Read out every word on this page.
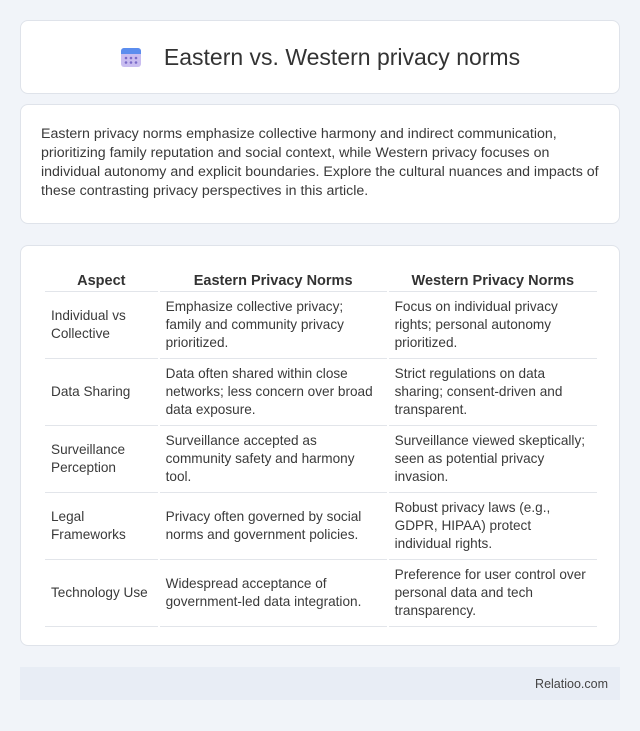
Eastern vs. Western privacy norms

Eastern privacy norms emphasize collective harmony and indirect communication, prioritizing family reputation and social context, while Western privacy focuses on individual autonomy and explicit boundaries. Explore the cultural nuances and impacts of these contrasting privacy perspectives in this article.

Aspect	Eastern Privacy Norms	Western Privacy Norms
Individual vs Collective	Emphasize collective privacy; family and community privacy prioritized.	Focus on individual privacy rights; personal autonomy prioritized.
Data Sharing	Data often shared within close networks; less concern over broad data exposure.	Strict regulations on data sharing; consent-driven and transparent.
Surveillance Perception	Surveillance accepted as community safety and harmony tool.	Surveillance viewed skeptically; seen as potential privacy invasion.
Legal Frameworks	Privacy often governed by social norms and government policies.	Robust privacy laws (e.g., GDPR, HIPAA) protect individual rights.
Technology Use	Widespread acceptance of government-led data integration.	Preference for user control over personal data and tech transparency.
Relatioo.com
